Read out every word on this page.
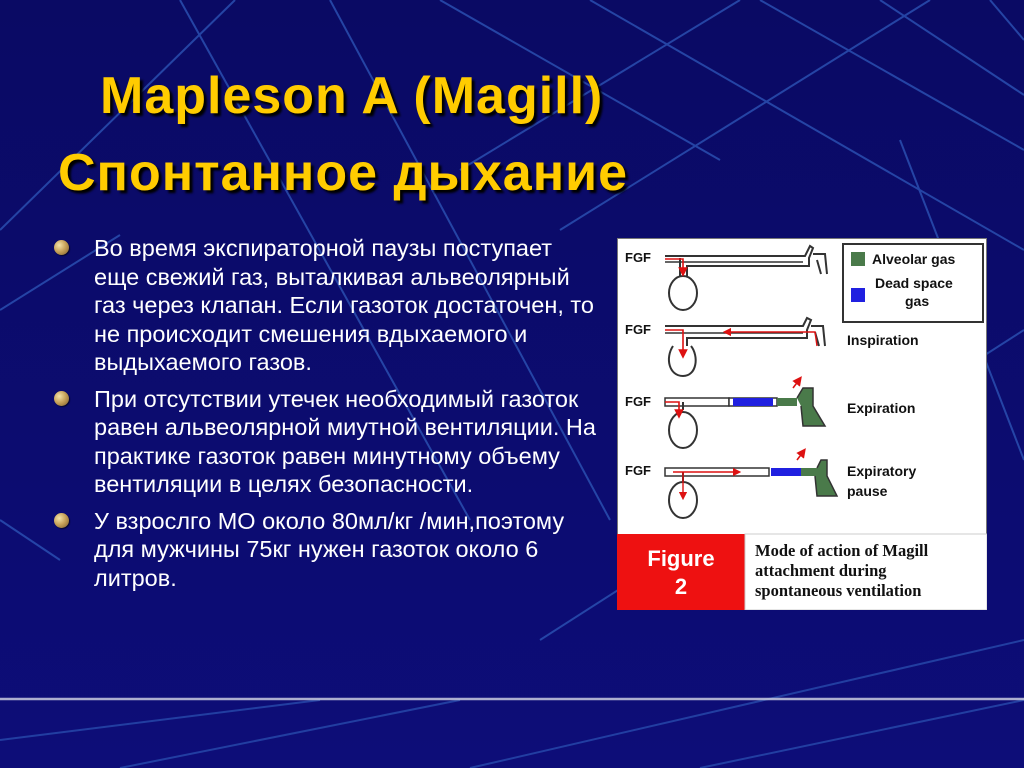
Mapleson A (Magill)
Спонтанное дыхание
Во время экспираторной паузы поступает еще свежий газ, выталкивая альвеолярный газ через клапан. Если газоток достаточен, то не происходит смешения вдыхаемого и выдыхаемого газов.
При отсутствии утечек необходимый газоток равен альвеолярной миутной вентиляции. На практике газоток равен минутному объему вентиляции в целях безопасности.
У взрослго МО около 80мл/кг /мин,поэтому для мужчины 75кг нужен газоток около 6 литров.
Alveolar gas
Dead space
gas
FGF
FGF
Inspiration
FGF	Expiration
FGF	Expiratory
pause
Figure
2
Mode of action of Magill
attachment during
spontaneous ventilation
